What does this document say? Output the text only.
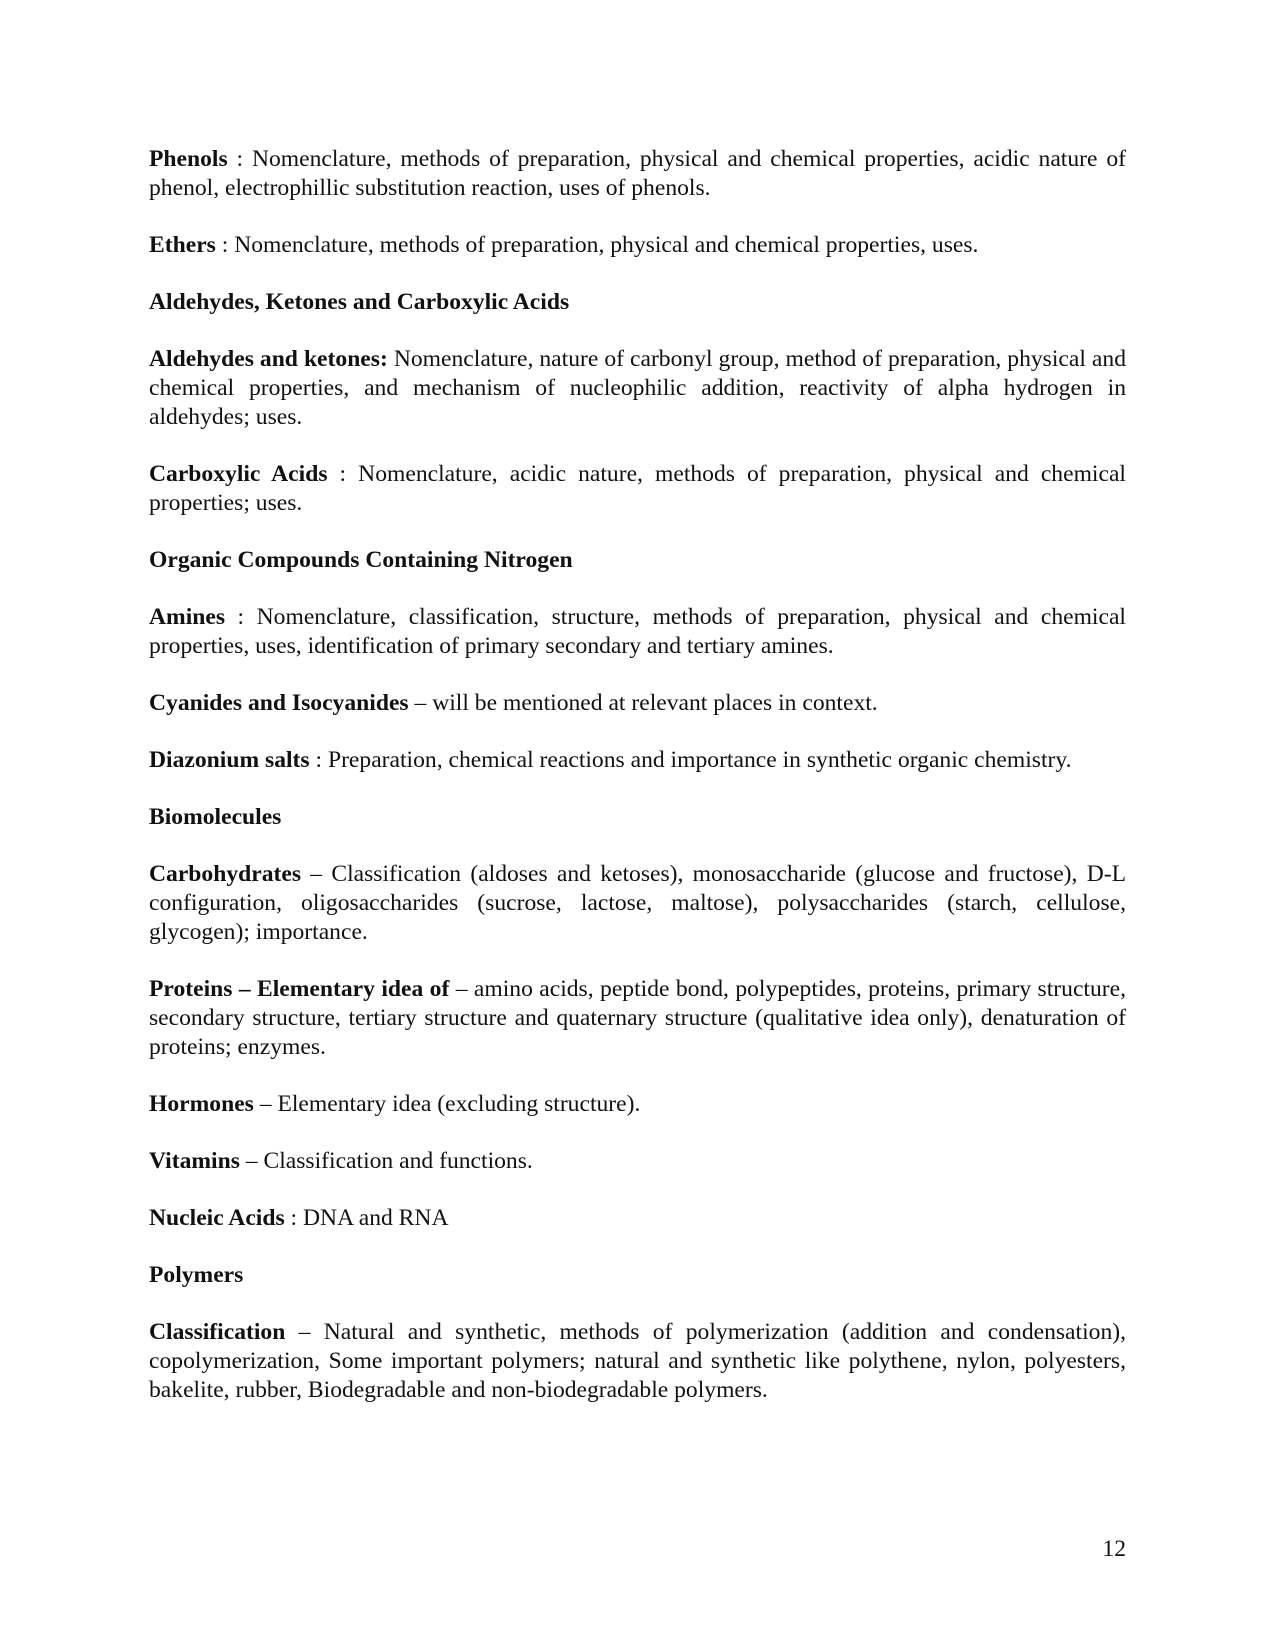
Phenols : Nomenclature, methods of preparation, physical and chemical properties, acidic nature of phenol, electrophillic substitution reaction, uses of phenols.

Ethers : Nomenclature, methods of preparation, physical and chemical properties, uses.

Aldehydes, Ketones and Carboxylic Acids

Aldehydes and ketones: Nomenclature, nature of carbonyl group, method of preparation, physical and chemical properties, and mechanism of nucleophilic addition, reactivity of alpha hydrogen in aldehydes; uses.

Carboxylic Acids : Nomenclature, acidic nature, methods of preparation, physical and chemical properties; uses.

Organic Compounds Containing Nitrogen

Amines : Nomenclature, classification, structure, methods of preparation, physical and chemical properties, uses, identification of primary secondary and tertiary amines.

Cyanides and Isocyanides – will be mentioned at relevant places in context.

Diazonium salts : Preparation, chemical reactions and importance in synthetic organic chemistry.

Biomolecules

Carbohydrates – Classification (aldoses and ketoses), monosaccharide (glucose and fructose), D-L configuration, oligosaccharides (sucrose, lactose, maltose), polysaccharides (starch, cellulose, glycogen); importance.

Proteins – Elementary idea of – amino acids, peptide bond, polypeptides, proteins, primary structure, secondary structure, tertiary structure and quaternary structure (qualitative idea only), denaturation of proteins; enzymes.

Hormones – Elementary idea (excluding structure).

Vitamins – Classification and functions.

Nucleic Acids : DNA and RNA

Polymers

Classification – Natural and synthetic, methods of polymerization (addition and condensation), copolymerization, Some important polymers; natural and synthetic like polythene, nylon, polyesters, bakelite, rubber, Biodegradable and non-biodegradable polymers.

12
